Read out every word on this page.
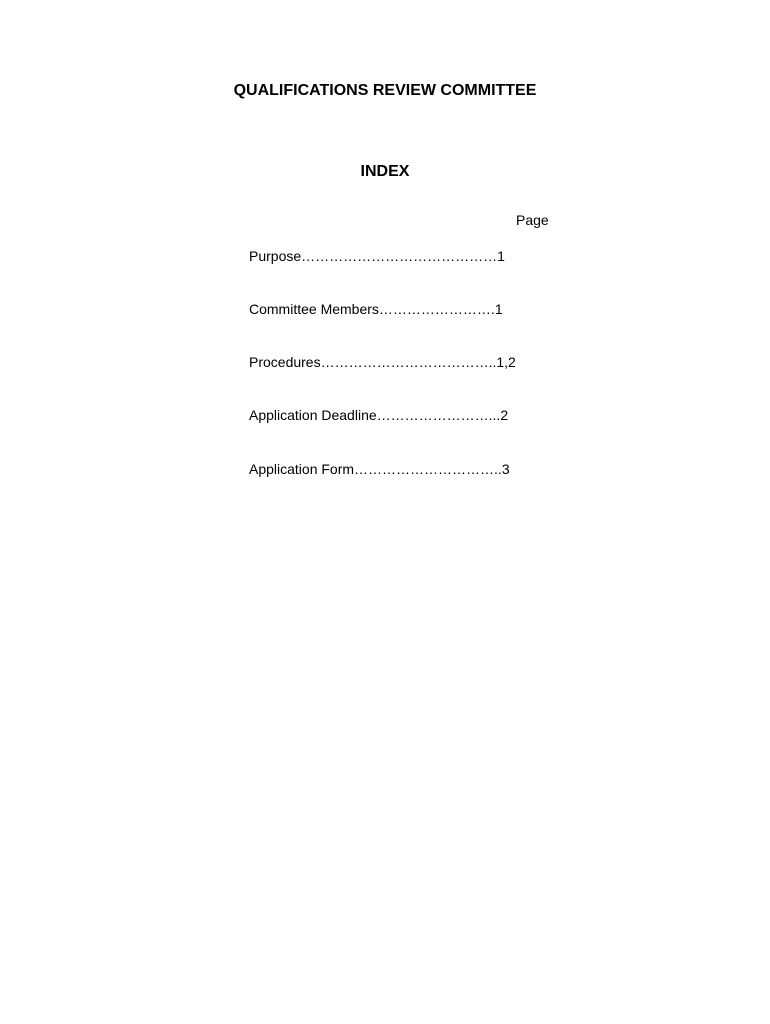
QUALIFICATIONS REVIEW COMMITTEE
INDEX
Page
Purpose……………………………………1
Committee Members…………………….1
Procedures………………………………..1,2
Application Deadline……………………...2
Application Form…………………………..3
